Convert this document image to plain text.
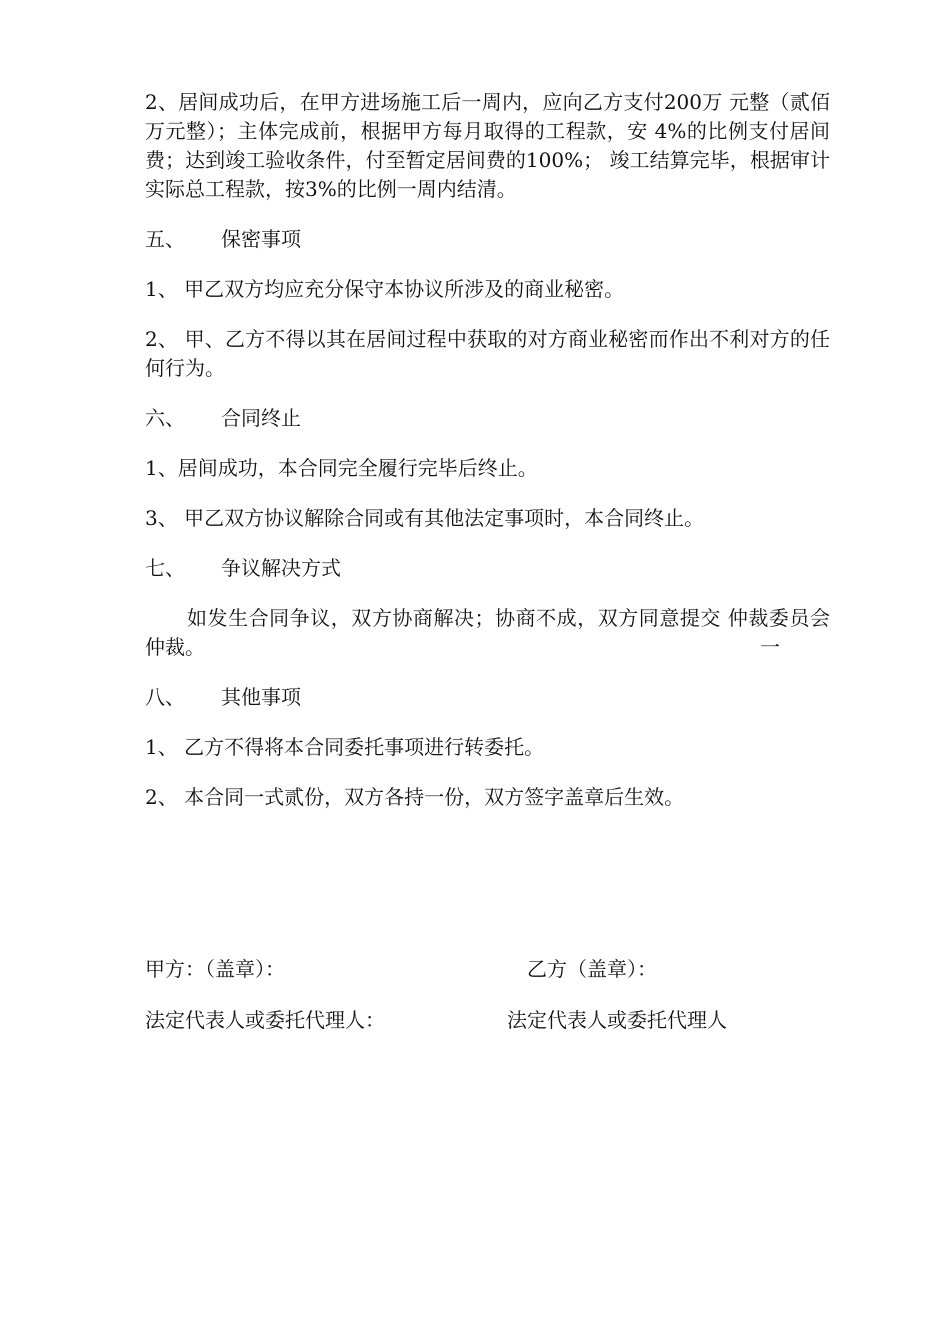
2、居间成功后，在甲方进场施工后一周内，应向乙方支付200万 元整（贰佰万元整）；主体完成前，根据甲方每月取得的工程款，安 4%的比例支付居间费；达到竣工验收条件，付至暂定居间费的100%； 竣工结算完毕，根据审计实际总工程款，按3%的比例一周内结清。

五、	保密事项

1、 甲乙双方均应充分保守本协议所涉及的商业秘密。

2、 甲、乙方不得以其在居间过程中获取的对方商业秘密而作出不利对方的任何行为。

六、	合同终止

1、居间成功，本合同完全履行完毕后终止。

3、 甲乙双方协议解除合同或有其他法定事项时，本合同终止。

七、	争议解决方式
如发生合同争议，双方协商解决；协商不成，双方同意提交 仲裁委员会仲裁。	一
八、	其他事项

1、 乙方不得将本合同委托事项进行转委托。

2、 本合同一式贰份，双方各持一份，双方签字盖章后生效。

甲方：（盖章）：	乙方（盖章）：
法定代表人或委托代理人：	法定代表人或委托代理人
